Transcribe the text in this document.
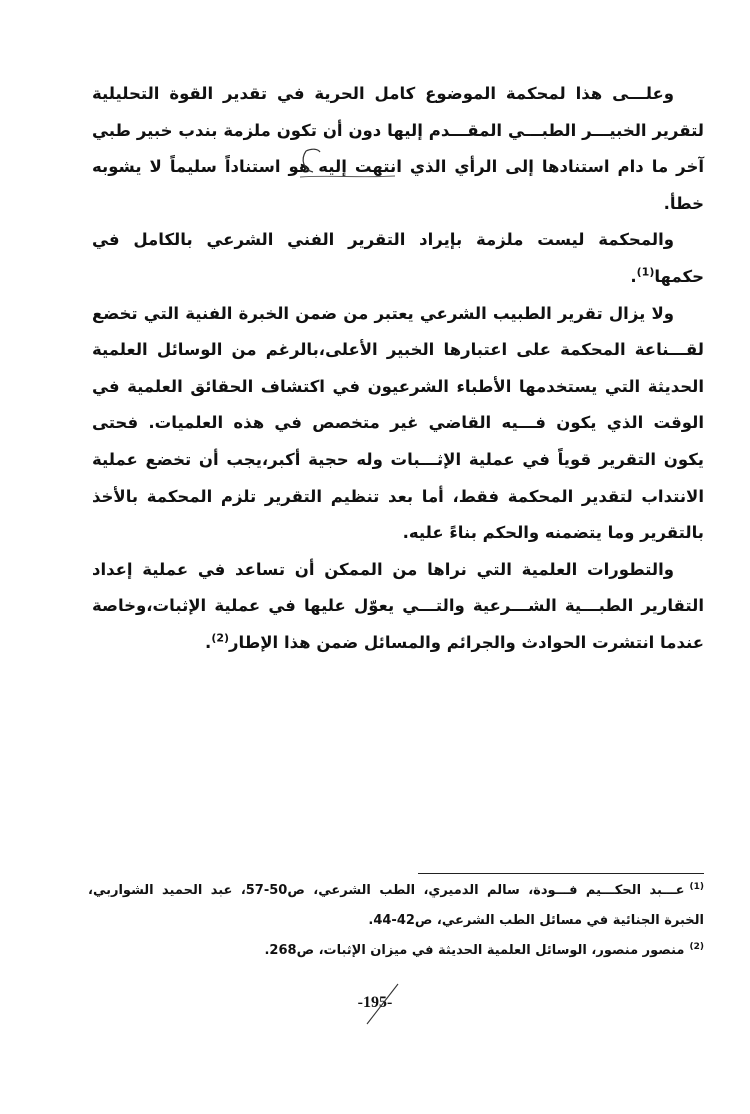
وعلـــى هذا لمحكمة الموضوع كامل الحرية في تقدير القوة التحليلية لتقرير الخبيـــر الطبـــي المقـــدم إليها دون أن تكون ملزمة بندب خبير طبي آخر ما دام استنادها إلى الرأي الذي انتهت إليه هو استناداً سليماً لا يشوبه خطأ.

والمحكمة ليست ملزمة بإيراد التقرير الفني الشرعي بالكامل في حكمها$^{(1)}$.

ولا يزال تقرير الطبيب الشرعي يعتبر من ضمن الخبرة الفنية التي تخضع لقـــناعة المحكمة على اعتبارها الخبير الأعلى،بالرغم من الوسائل العلمية الحديثة التي يستخدمها الأطباء الشرعيون في اكتشاف الحقائق العلمية في الوقت الذي يكون فـــيه القاضي غير متخصص في هذه العلميات. فحتى يكون التقرير قوياً في عملية الإثـــبات وله حجية أكبر،يجب أن تخضع عملية الانتداب لتقدير المحكمة فقط، أما بعد تنظيم التقرير تلزم المحكمة بالأخذ بالتقرير وما يتضمنه والحكم بناءً عليه.

والتطورات العلمية التي نراها من الممكن أن تساعد في عملية إعداد التقارير الطبـــية الشـــرعية والتـــي يعوّل عليها في عملية الإثبات،وخاصة عندما انتشرت الحوادث والجرائم والمسائل ضمن هذا الإطار$^{(2)}$.

$^{(1)}$عـــبد الحكـــيم فـــودة، سالم الدميري، الطب الشرعي، ص50-57، عبد الحميد الشواربي، الخبرة الجنائية في مسائل الطب الشرعي، ص42-44.

$^{(2)}$منصور منصور، الوسائل العلمية الحديثة في ميزان الإثبات، ص268.

-195-
